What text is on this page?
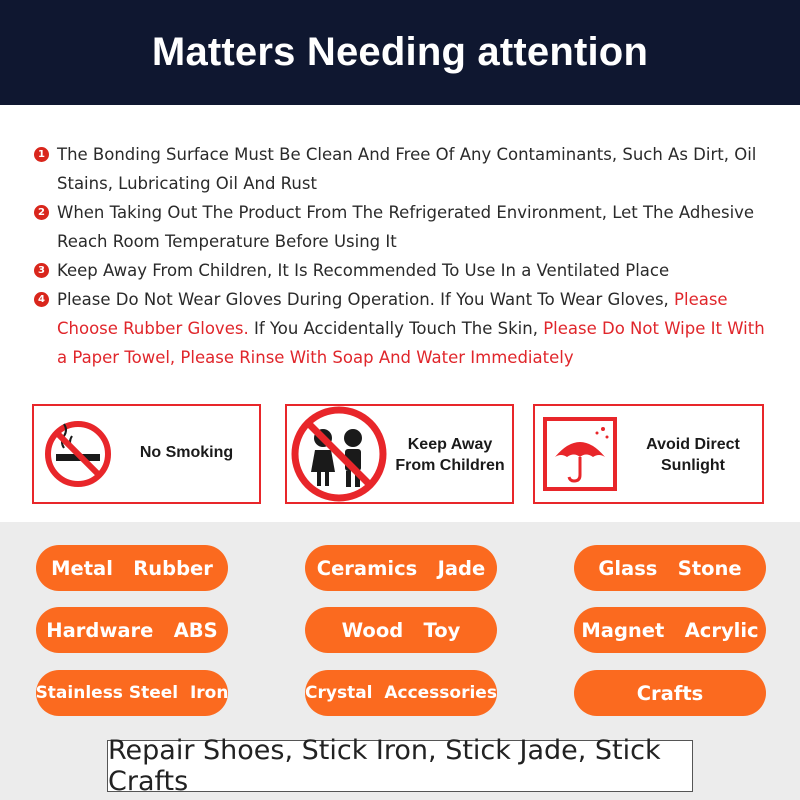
Matters Needing attention
1 The Bonding Surface Must Be Clean And Free Of Any Contaminants, Such As Dirt, Oil Stains, Lubricating Oil And Rust
2 When Taking Out The Product From The Refrigerated Environment, Let The Adhesive Reach Room Temperature Before Using It
3 Keep Away From Children, It Is Recommended To Use In a Ventilated Place
4 Please Do Not Wear Gloves During Operation. If You Want To Wear Gloves, Please Choose Rubber Gloves. If You Accidentally Touch The Skin, Please Do Not Wipe It With a Paper Towel, Please Rinse With Soap And Water Immediately
No Smoking	Keep Away
From Children
Avoid Direct
Sunlight
Metal   Rubber	Ceramics   Jade	Glass   Stone
Hardware   ABS	Wood   Toy	Magnet   Acrylic
Stainless Steel  Iron	Crystal  Accessories	Crafts
Repair Shoes, Stick Iron, Stick Jade, Stick Crafts
